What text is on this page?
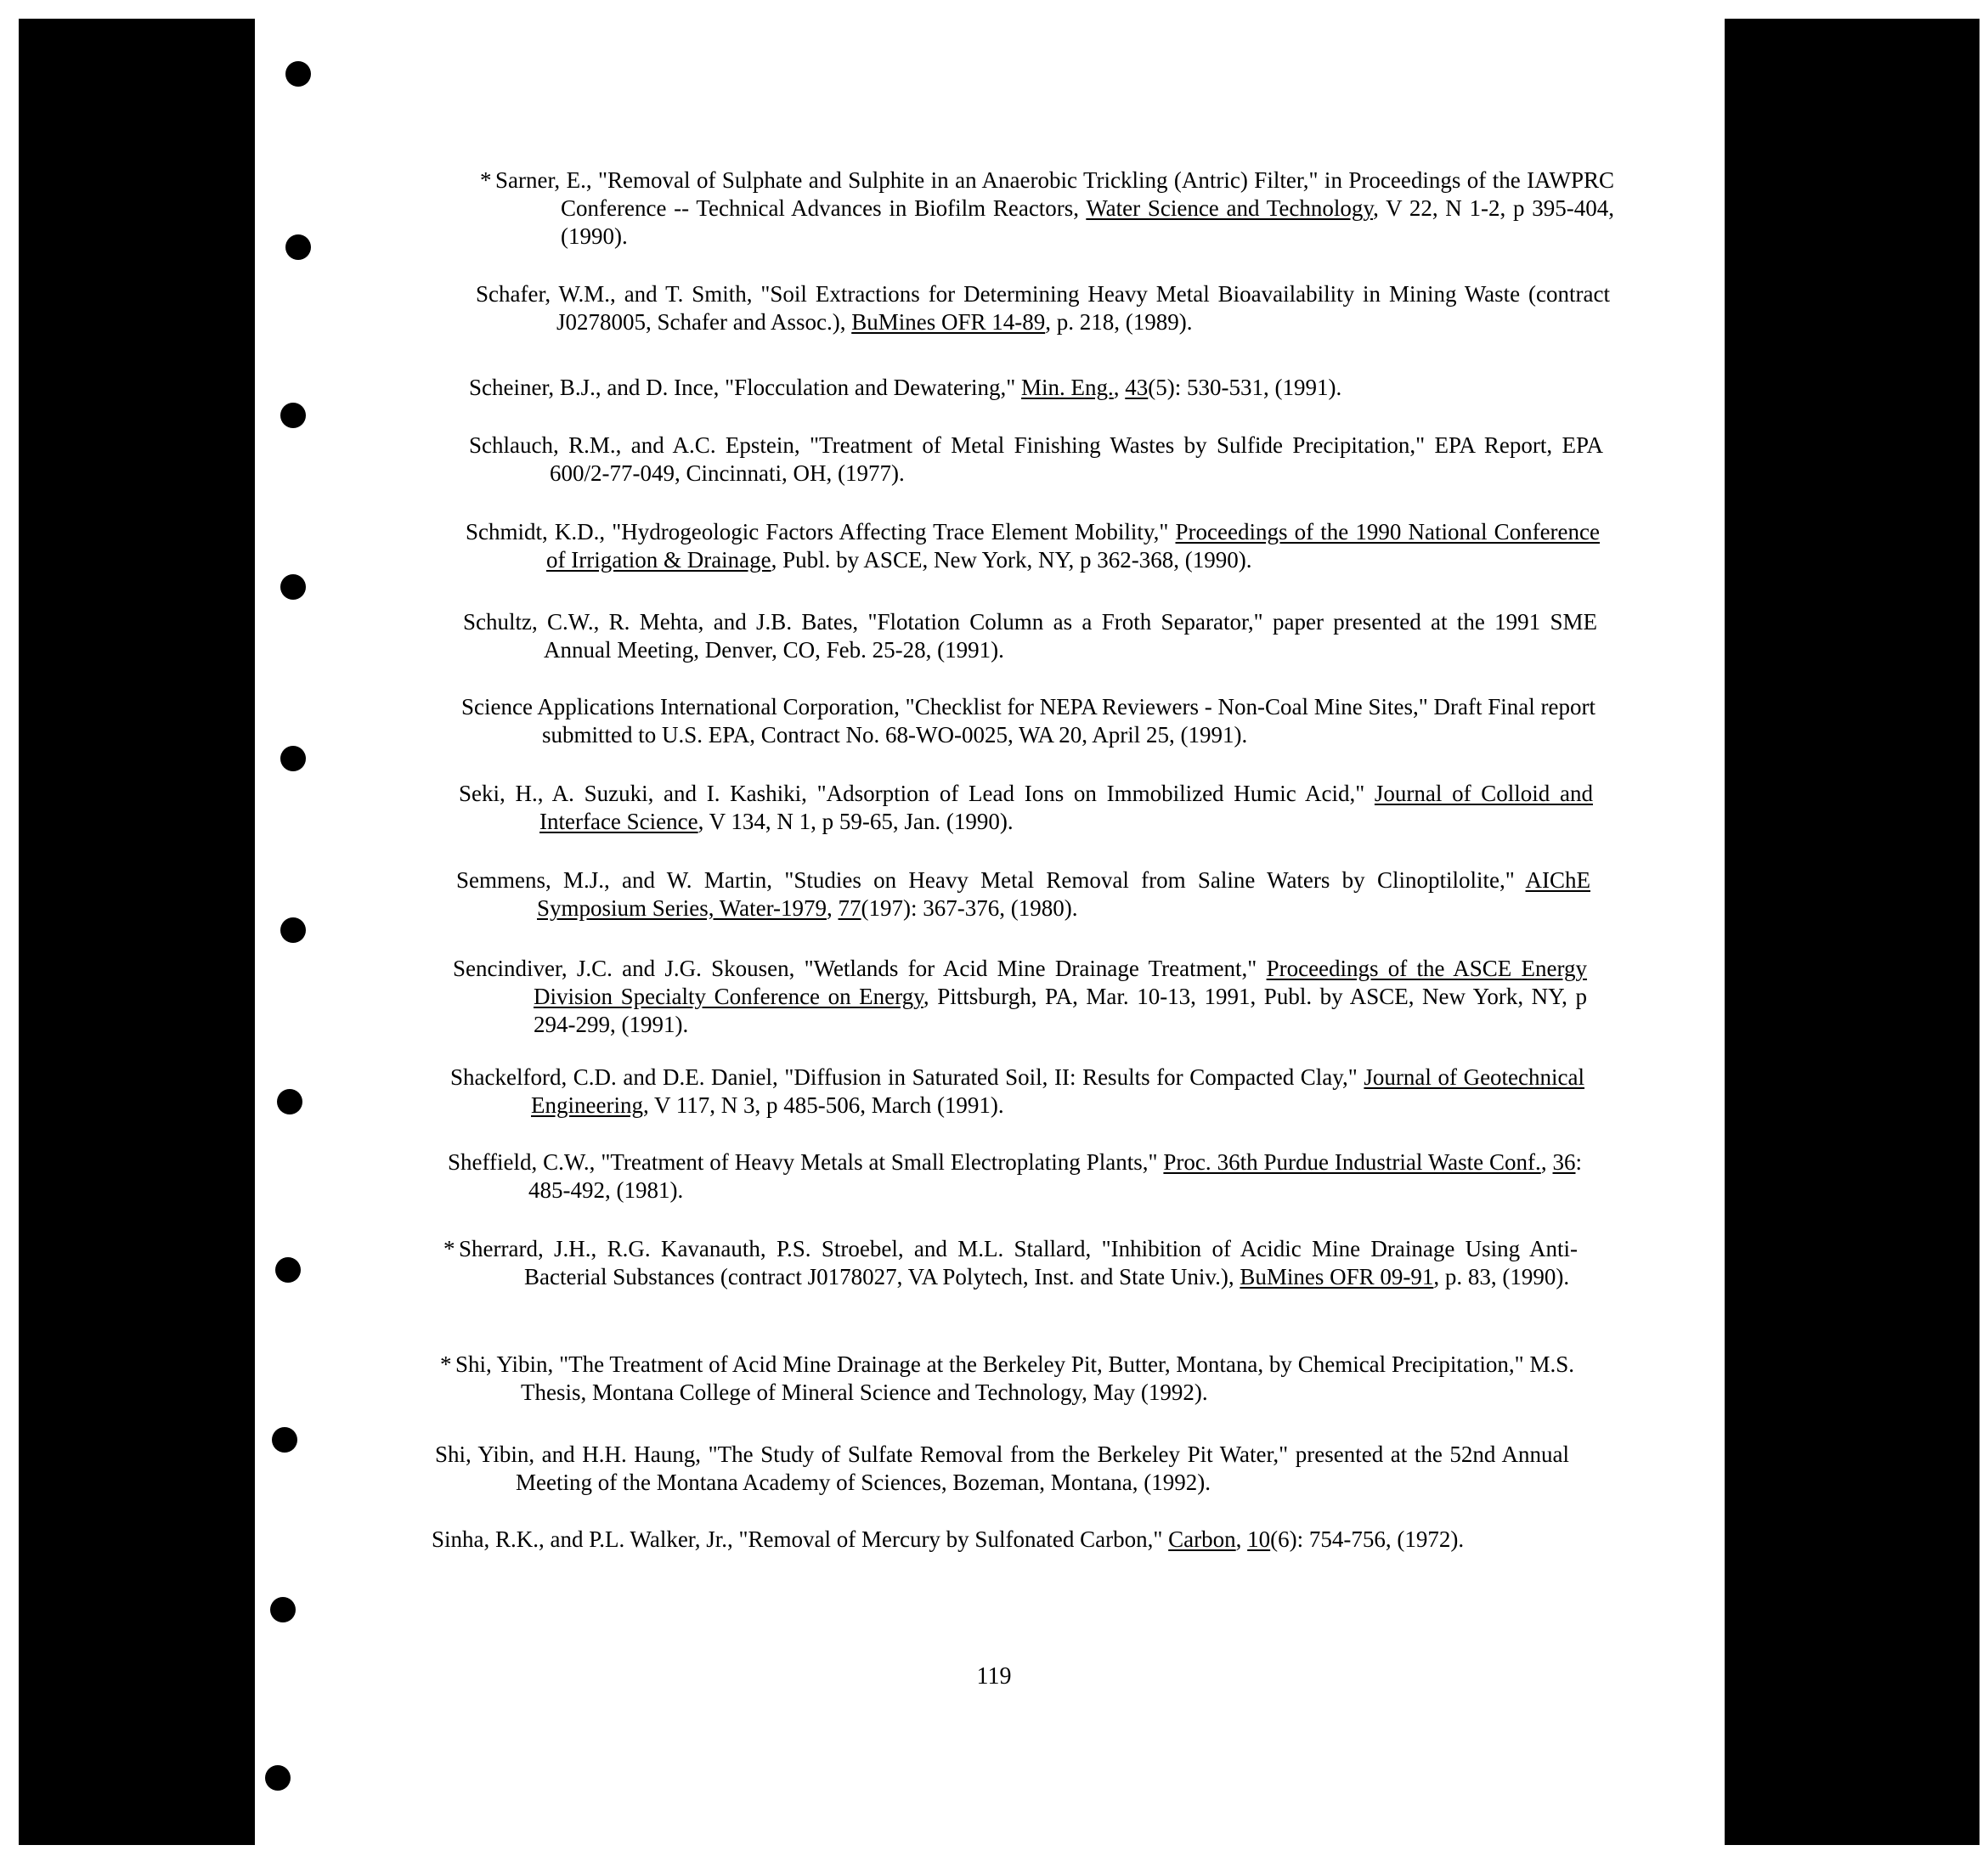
* Sarner, E., "Removal of Sulphate and Sulphite in an Anaerobic Trickling (Antric) Filter," in Proceedings of the IAWPRC Conference -- Technical Advances in Biofilm Reactors, Water Science and Technology, V 22, N 1-2, p 395-404, (1990).

Schafer, W.M., and T. Smith, "Soil Extractions for Determining Heavy Metal Bioavailability in Mining Waste (contract J0278005, Schafer and Assoc.), BuMines OFR 14-89, p. 218, (1989).

Scheiner, B.J., and D. Ince, "Flocculation and Dewatering," Min. Eng., 43(5): 530-531, (1991).

Schlauch, R.M., and A.C. Epstein, "Treatment of Metal Finishing Wastes by Sulfide Precipitation," EPA Report, EPA 600/2-77-049, Cincinnati, OH, (1977).

Schmidt, K.D., "Hydrogeologic Factors Affecting Trace Element Mobility," Proceedings of the 1990 National Conference of Irrigation & Drainage, Publ. by ASCE, New York, NY, p 362-368, (1990).

Schultz, C.W., R. Mehta, and J.B. Bates, "Flotation Column as a Froth Separator," paper presented at the 1991 SME Annual Meeting, Denver, CO, Feb. 25-28, (1991).

Science Applications International Corporation, "Checklist for NEPA Reviewers - Non-Coal Mine Sites," Draft Final report submitted to U.S. EPA, Contract No. 68-WO-0025, WA 20, April 25, (1991).

Seki, H., A. Suzuki, and I. Kashiki, "Adsorption of Lead Ions on Immobilized Humic Acid," Journal of Colloid and Interface Science, V 134, N 1, p 59-65, Jan. (1990).

Semmens, M.J., and W. Martin, "Studies on Heavy Metal Removal from Saline Waters by Clinoptilolite," AIChE Symposium Series, Water-1979, 77(197): 367-376, (1980).

Sencindiver, J.C. and J.G. Skousen, "Wetlands for Acid Mine Drainage Treatment," Proceedings of the ASCE Energy Division Specialty Conference on Energy, Pittsburgh, PA, Mar. 10-13, 1991, Publ. by ASCE, New York, NY, p 294-299, (1991).

Shackelford, C.D. and D.E. Daniel, "Diffusion in Saturated Soil, II: Results for Compacted Clay," Journal of Geotechnical Engineering, V 117, N 3, p 485-506, March (1991).

Sheffield, C.W., "Treatment of Heavy Metals at Small Electroplating Plants," Proc. 36th Purdue Industrial Waste Conf., 36: 485-492, (1981).

* Sherrard, J.H., R.G. Kavanauth, P.S. Stroebel, and M.L. Stallard, "Inhibition of Acidic Mine Drainage Using Anti-Bacterial Substances (contract J0178027, VA Polytech, Inst. and State Univ.), BuMines OFR 09-91, p. 83, (1990).

* Shi, Yibin, "The Treatment of Acid Mine Drainage at the Berkeley Pit, Butter, Montana, by Chemical Precipitation," M.S. Thesis, Montana College of Mineral Science and Technology, May (1992).

Shi, Yibin, and H.H. Haung, "The Study of Sulfate Removal from the Berkeley Pit Water," presented at the 52nd Annual Meeting of the Montana Academy of Sciences, Bozeman, Montana, (1992).

Sinha, R.K., and P.L. Walker, Jr., "Removal of Mercury by Sulfonated Carbon," Carbon, 10(6): 754-756, (1972).

119
